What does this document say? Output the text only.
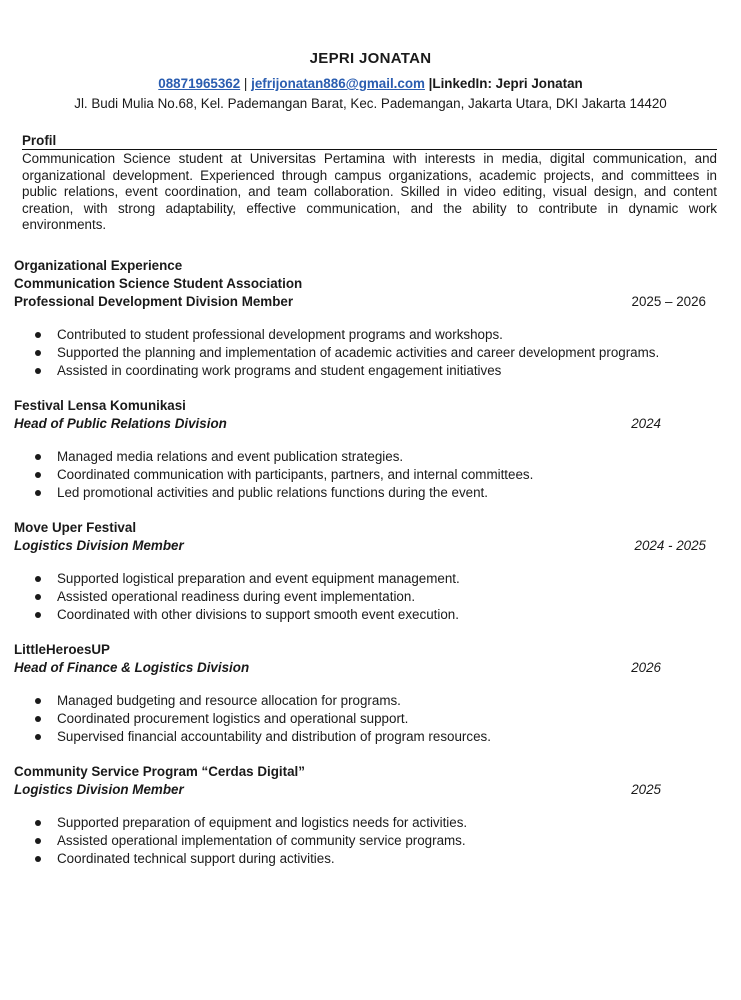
JEPRI JONATAN
08871965362 | jefrijonatan886@gmail.com |LinkedIn: Jepri Jonatan
Jl. Budi Mulia No.68, Kel. Pademangan Barat, Kec. Pademangan, Jakarta Utara, DKI Jakarta 14420
Profil
Communication Science student at Universitas Pertamina with interests in media, digital communication, and organizational development. Experienced through campus organizations, academic projects, and committees in public relations, event coordination, and team collaboration. Skilled in video editing, visual design, and content creation, with strong adaptability, effective communication, and the ability to contribute in dynamic work environments.
Organizational Experience
Communication Science Student Association
Professional Development Division Member	2025 – 2026
Contributed to student professional development programs and workshops.
Supported the planning and implementation of academic activities and career development programs.
Assisted in coordinating work programs and student engagement initiatives
Festival Lensa Komunikasi
Head of Public Relations Division	2024
Managed media relations and event publication strategies.
Coordinated communication with participants, partners, and internal committees.
Led promotional activities and public relations functions during the event.
Move Uper Festival
Logistics Division Member	2024 - 2025
Supported logistical preparation and event equipment management.
Assisted operational readiness during event implementation.
Coordinated with other divisions to support smooth event execution.
LittleHeroesUP
Head of Finance & Logistics Division	2026
Managed budgeting and resource allocation for programs.
Coordinated procurement logistics and operational support.
Supervised financial accountability and distribution of program resources.
Community Service Program “Cerdas Digital”
Logistics Division Member	2025
Supported preparation of equipment and logistics needs for activities.
Assisted operational implementation of community service programs.
Coordinated technical support during activities.
